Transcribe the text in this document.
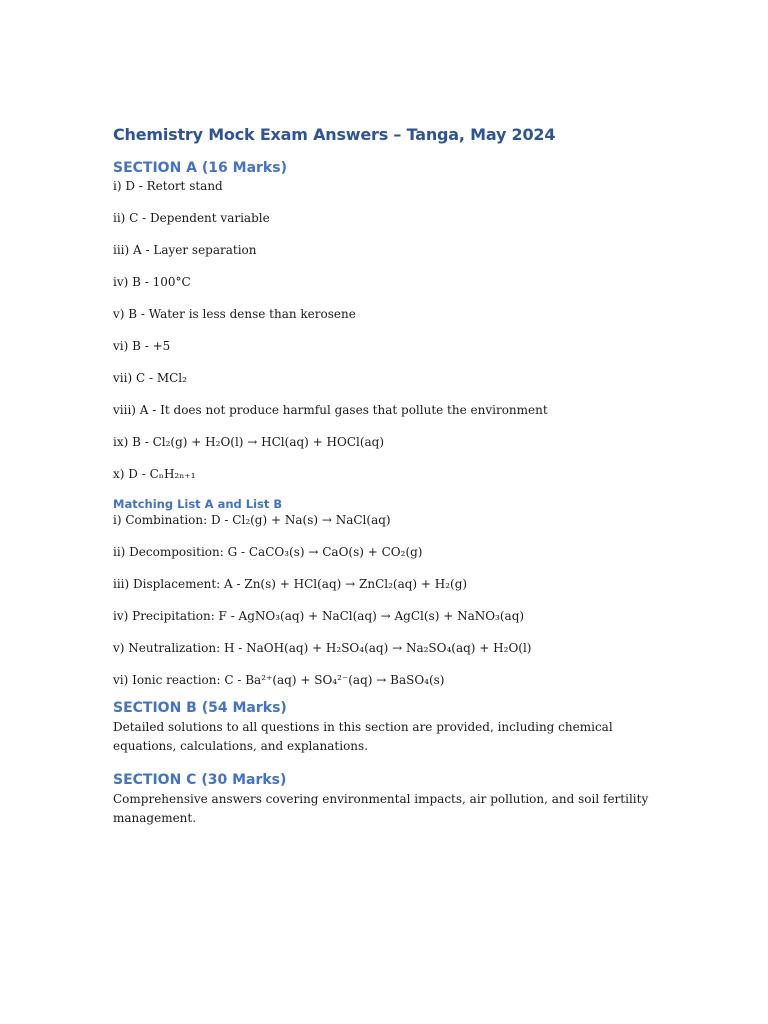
Chemistry Mock Exam Answers – Tanga, May 2024
SECTION A (16 Marks)

i) D - Retort stand

ii) C - Dependent variable

iii) A - Layer separation

iv) B - 100°C

v) B - Water is less dense than kerosene

vi) B - +5

vii) C - MCl₂

viii) A - It does not produce harmful gases that pollute the environment

ix) B - Cl₂(g) + H₂O(l) → HCl(aq) + HOCl(aq)

x) D - CₙH₂ₙ₊₁

Matching List A and List B

i) Combination: D - Cl₂(g) + Na(s) → NaCl(aq)

ii) Decomposition: G - CaCO₃(s) → CaO(s) + CO₂(g)

iii) Displacement: A - Zn(s) + HCl(aq) → ZnCl₂(aq) + H₂(g)

iv) Precipitation: F - AgNO₃(aq) + NaCl(aq) → AgCl(s) + NaNO₃(aq)

v) Neutralization: H - NaOH(aq) + H₂SO₄(aq) → Na₂SO₄(aq) + H₂O(l)

vi) Ionic reaction: C - Ba²⁺(aq) + SO₄²⁻(aq) → BaSO₄(s)

SECTION B (54 Marks)

Detailed solutions to all questions in this section are provided, including chemical equations, calculations, and explanations.

SECTION C (30 Marks)

Comprehensive answers covering environmental impacts, air pollution, and soil fertility management.
